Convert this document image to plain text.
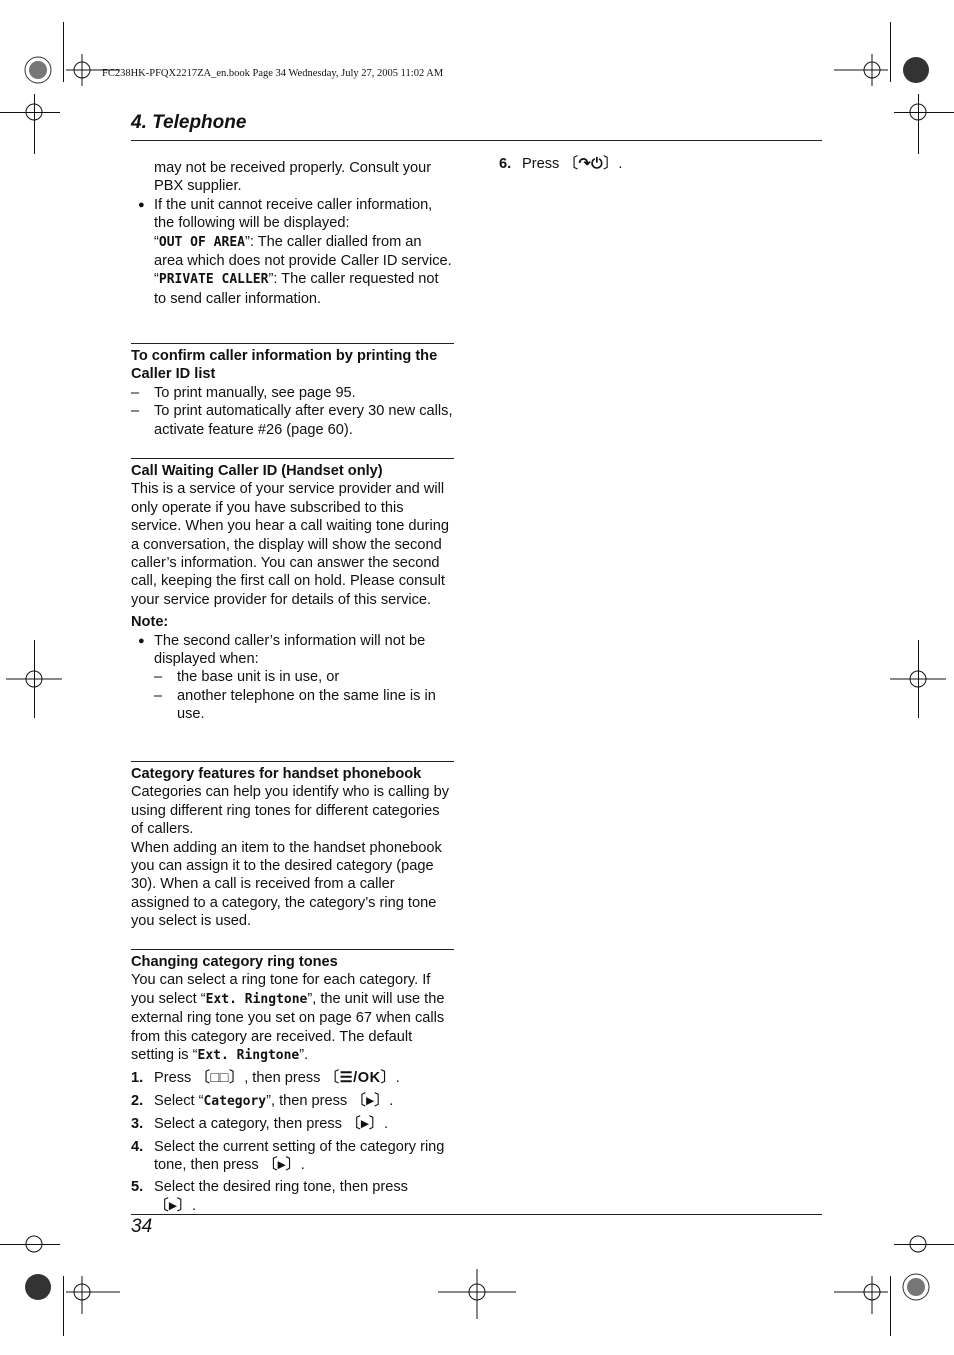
FC238HK-PFQX2217ZA_en.book Page 34 Wednesday, July 27, 2005 11:02 AM
4. Telephone

may not be received properly. Consult your PBX supplier.

● If the unit cannot receive caller information, the following will be displayed:

“OUT OF AREA”: The caller dialled from an area which does not provide Caller ID service.

“PRIVATE CALLER”: The caller requested not to send caller information.

To confirm caller information by printing the Caller ID list

– To print manually, see page 95.
– To print automatically after every 30 new calls, activate feature #26 (page 60).

Call Waiting Caller ID (Handset only)

This is a service of your service provider and will only operate if you have subscribed to this service. When you hear a call waiting tone during a conversation, the display will show the second caller’s information. You can answer the second call, keeping the first call on hold. Please consult your service provider for details of this service.

Note:

● The second caller’s information will not be displayed when:
– the base unit is in use, or
– another telephone on the same line is in use.

Category features for handset phonebook

Categories can help you identify who is calling by using different ring tones for different categories of callers.

When adding an item to the handset phonebook you can assign it to the desired category (page 30). When a call is received from a caller assigned to a category, the category’s ring tone you select is used.

Changing category ring tones

You can select a ring tone for each category. If you select “Ext. Ringtone”, the unit will use the external ring tone you set on page 67 when calls from this category are received. The default setting is “Ext. Ringtone”.

1. Press 〔□□〕, then press 〔☰/OK〕.
2. Select “Category”, then press 〔▸〕.
3. Select a category, then press 〔▸〕.
4. Select the current setting of the category ring tone, then press 〔▸〕.
5. Select the desired ring tone, then press 〔▸〕.
6. Press 〔↷⏻〕.
34
